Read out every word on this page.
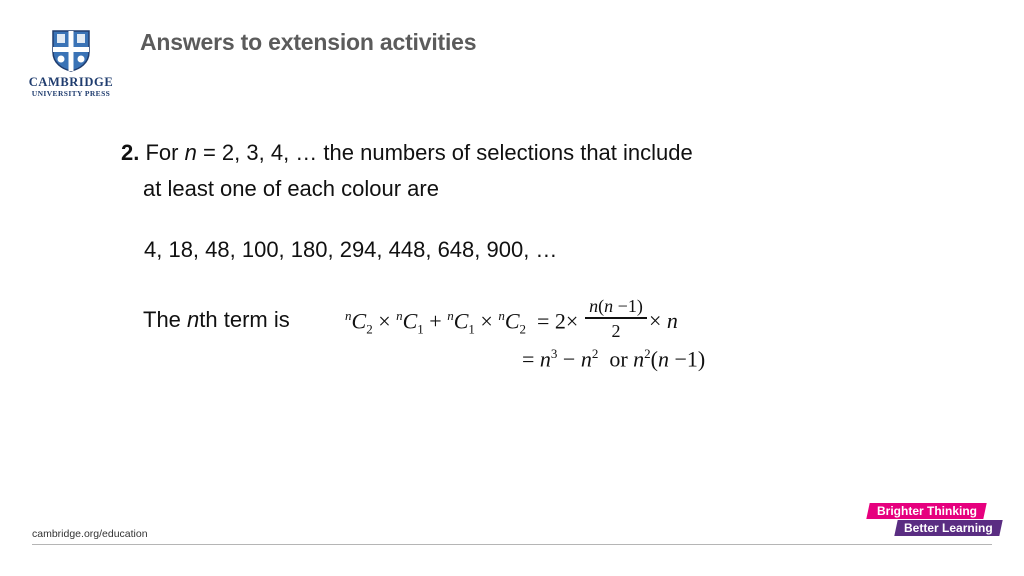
CAMBRIDGE
UNIVERSITY PRESS
Answers to extension activities
2. For n = 2, 3, 4, … the numbers of selections that include
at least one of each colour are
4, 18, 48, 100, 180, 294, 448, 648, 900, …
The nth term is	$^nC_2 \times ^nC_1 + ^nC_1 \times ^nC_2 = 2\times$
n(n −1)
2	× n
= $n^3 - n^2$  or $n^2(n -1)$
cambridge.org/education
Brighter Thinking
Better Learning
